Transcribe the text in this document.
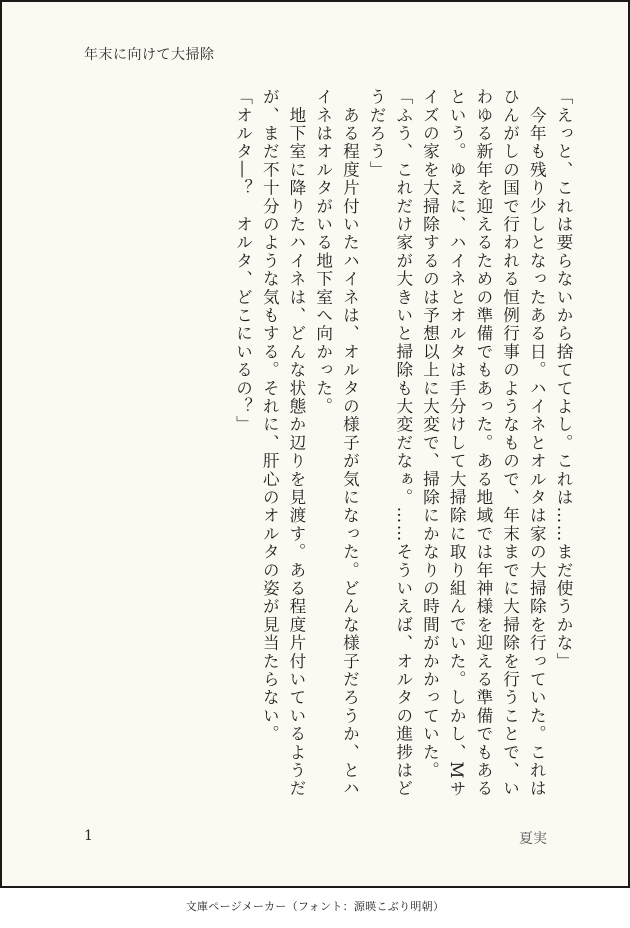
年末に向けて大掃除
「えっと、これは要らないから捨ててよし。これは……まだ使うかな」
　今年も残り少しとなったある日。ハイネとオルタは家の大掃除を行っていた。これはひんがしの国で行われる恒例行事のようなもので、年末までに大掃除を行うことで、いわゆる新年を迎えるための準備でもあった。ある地域では年神様を迎える準備でもあるという。ゆえに、ハイネとオルタは手分けして大掃除に取り組んでいた。しかし、Mサイズの家を大掃除するのは予想以上に大変で、掃除にかなりの時間がかかっていた。
「ふう、これだけ家が大きいと掃除も大変だなぁ。……そういえば、オルタの進捗はどうだろう」
　ある程度片付いたハイネは、オルタの様子が気になった。どんな様子だろうか、とハイネはオルタがいる地下室へ向かった。
　地下室に降りたハイネは、どんな状態か辺りを見渡す。ある程度片付いているようだが、まだ不十分のような気もする。それに、肝心のオルタの姿が見当たらない。
「オルタ―？　オルタ、どこにいるの？」
1	夏実
文庫ページメーカー（フォント：源暎こぶり明朝）
